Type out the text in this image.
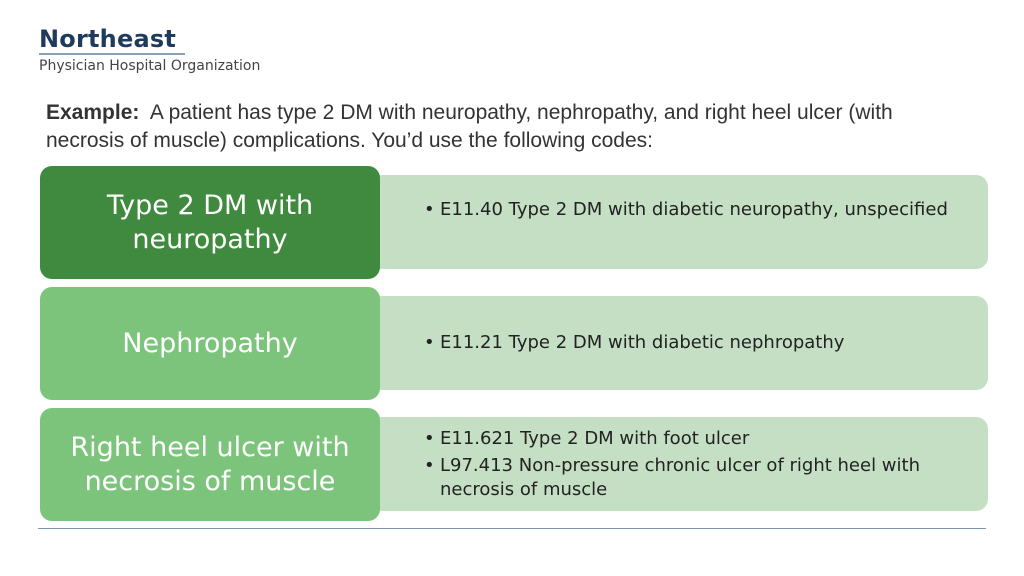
Northeast
Physician Hospital Organization
Example: A patient has type 2 DM with neuropathy, nephropathy, and right heel ulcer (with necrosis of muscle) complications. You’d use the following codes:
• E11.40 Type 2 DM with diabetic neuropathy, unspecified
Type 2 DM with neuropathy
• E11.21 Type 2 DM with diabetic nephropathy
Nephropathy
• E11.621 Type 2 DM with foot ulcer
• L97.413 Non-pressure chronic ulcer of right heel with necrosis of muscle
Right heel ulcer with necrosis of muscle
